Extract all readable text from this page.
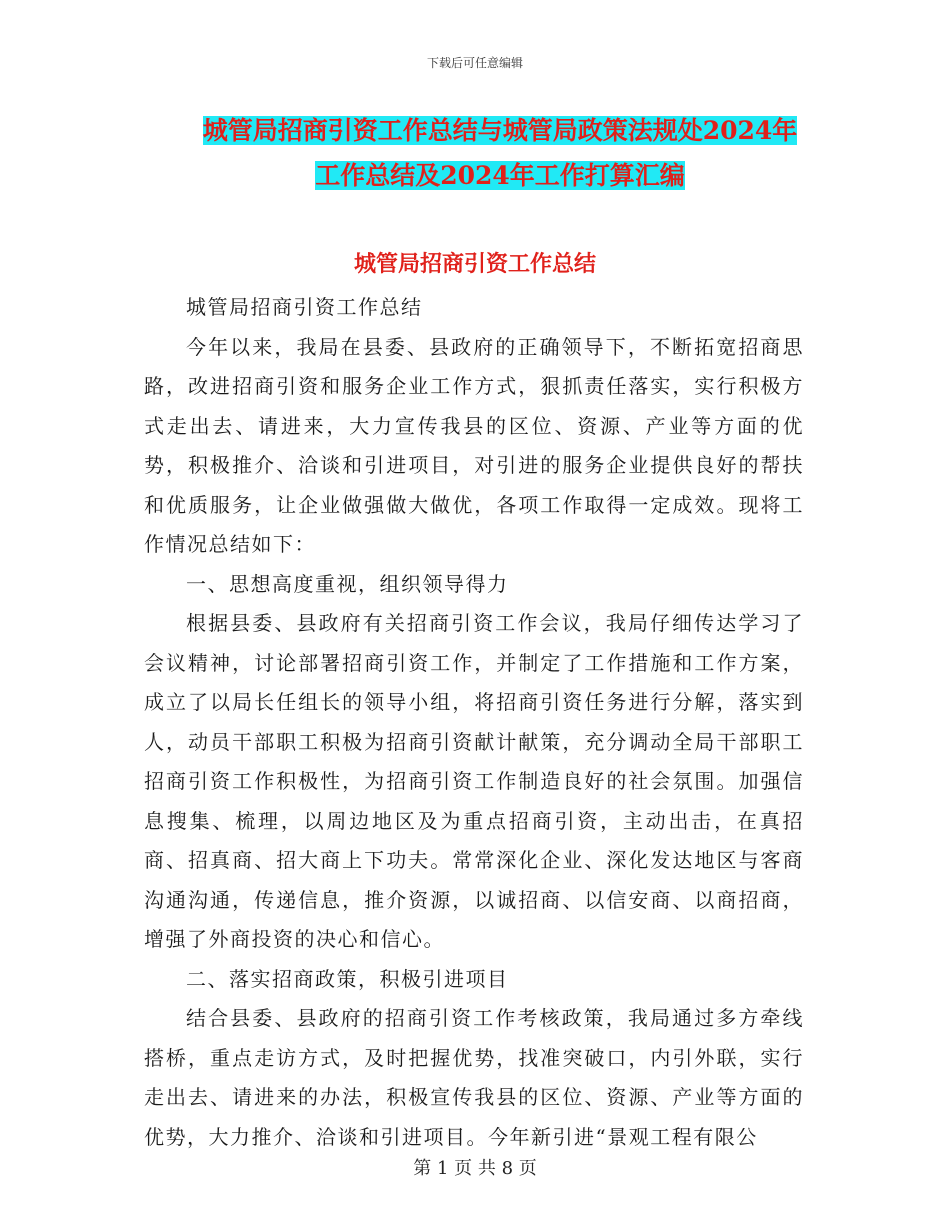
下载后可任意编辑
城管局招商引资工作总结与城管局政策法规处2024年
工作总结及2024年工作打算汇编
城管局招商引资工作总结

城管局招商引资工作总结

今年以来，我局在县委、县政府的正确领导下，不断拓宽招商思路，改进招商引资和服务企业工作方式，狠抓责任落实，实行积极方式走出去、请进来，大力宣传我县的区位、资源、产业等方面的优势，积极推介、洽谈和引进项目，对引进的服务企业提供良好的帮扶和优质服务，让企业做强做大做优，各项工作取得一定成效。现将工作情况总结如下：

一、思想高度重视，组织领导得力

根据县委、县政府有关招商引资工作会议，我局仔细传达学习了会议精神，讨论部署招商引资工作，并制定了工作措施和工作方案，成立了以局长任组长的领导小组，将招商引资任务进行分解，落实到人，动员干部职工积极为招商引资献计献策，充分调动全局干部职工招商引资工作积极性，为招商引资工作制造良好的社会氛围。加强信息搜集、梳理，以周边地区及为重点招商引资，主动出击，在真招商、招真商、招大商上下功夫。常常深化企业、深化发达地区与客商沟通沟通，传递信息，推介资源，以诚招商、以信安商、以商招商，增强了外商投资的决心和信心。

二、落实招商政策，积极引进项目

结合县委、县政府的招商引资工作考核政策，我局通过多方牵线搭桥，重点走访方式，及时把握优势，找准突破口，内引外联，实行走出去、请进来的办法，积极宣传我县的区位、资源、产业等方面的优势，大力推介、洽谈和引进项目。今年新引进“景观工程有限公

第 1 页 共 8 页
